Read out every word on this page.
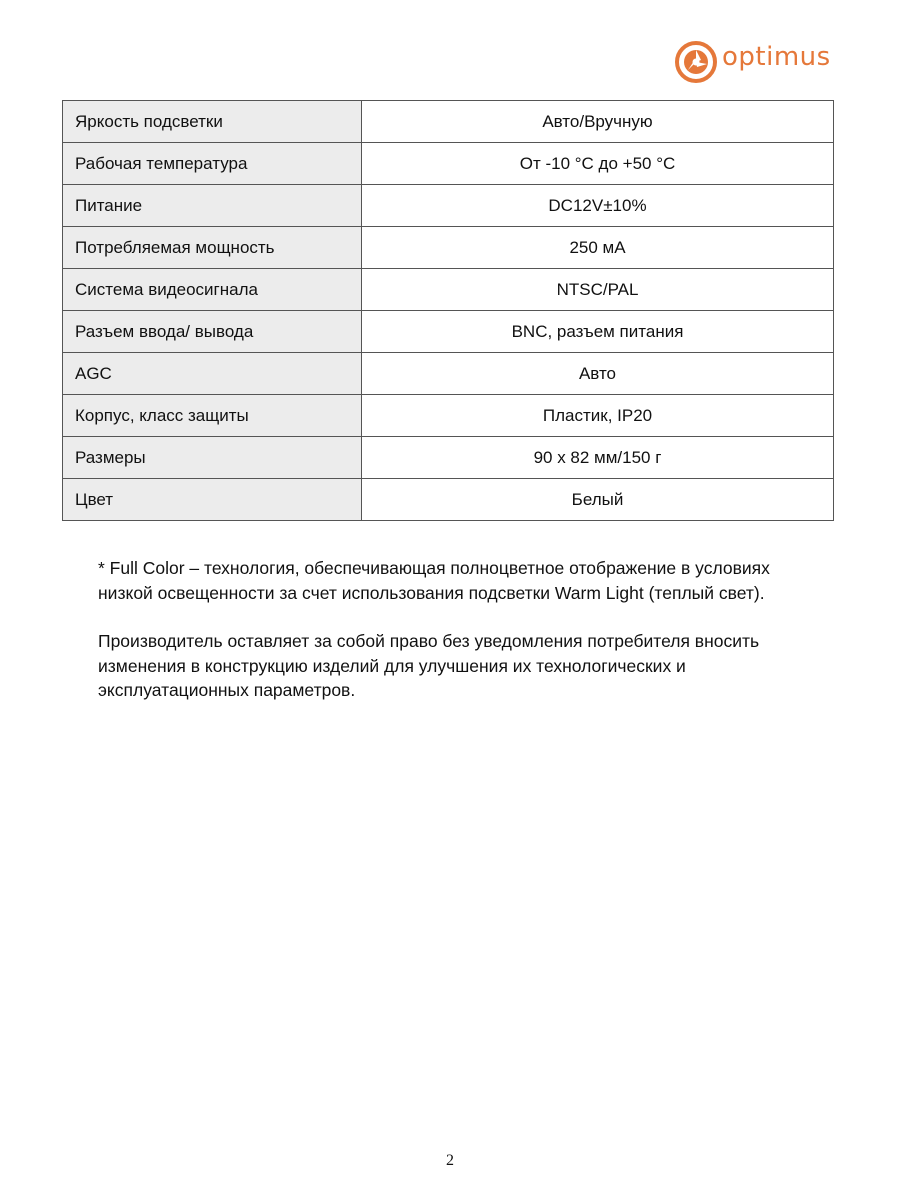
optimus
Яркость подсветки	Авто/Вручную
Рабочая температура	От -10 °С до +50 °С
Питание	DC12V±10%
Потребляемая мощность	250 мА
Система видеосигнала	NTSC/PAL
Разъем ввода/ вывода	BNC, разъем питания
AGC	Авто
Корпус, класс защиты	Пластик, IP20
Размеры	90 х 82 мм/150 г
Цвет	Белый

* Full Color – технология, обеспечивающая полноцветное отображение в условиях низкой освещенности за счет использования подсветки Warm Light (теплый свет).

Производитель оставляет за собой право без уведомления потребителя вносить изменения в конструкцию изделий для улучшения их технологических и эксплуатационных параметров.

2
